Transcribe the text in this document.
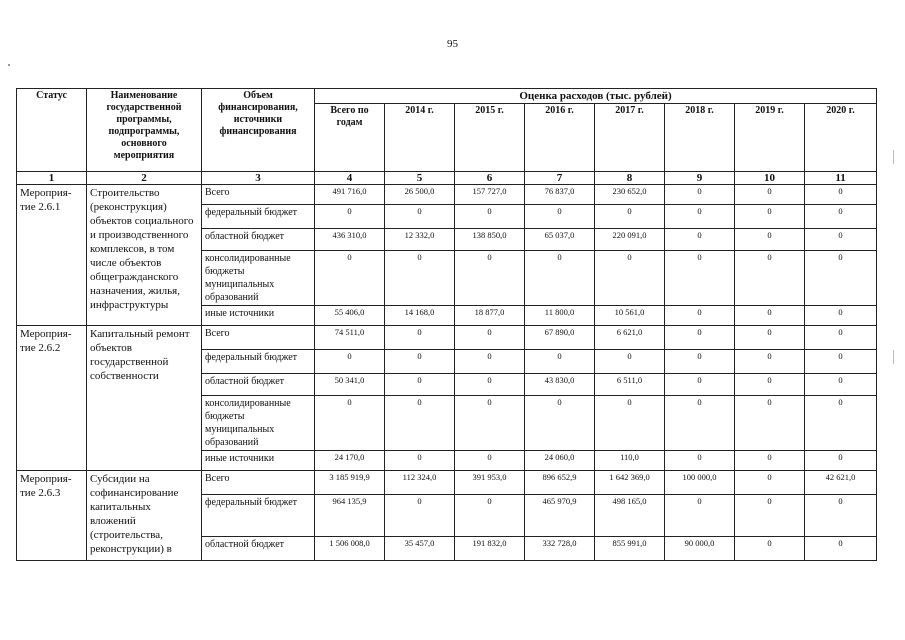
95
Статус	Наименование государственной программы, подпрограммы, основного мероприятия	Объем финансирования, источники финансирования	Оценка расходов (тыс. рублей)							
			Всего по годам	2014 г.	2015 г.	2016 г.	2017 г.	2018 г.	2019 г.	2020 г.
1	2	3	4	5	6	7	8	9	10	11
Мероприя-тие 2.6.1	Строительство (реконструкция) объектов социального и производственного комплексов, в том числе объектов общегражданского назначения, жилья, инфраструктуры	Всего	491 716,0	26 500,0	157 727,0	76 837,0	230 652,0	0	0	0
		федеральный бюджет	0	0	0	0	0	0	0	0
		областной бюджет	436 310,0	12 332,0	138 850,0	65 037,0	220 091,0	0	0	0
		консолидированные бюджеты муниципальных образований	0	0	0	0	0	0	0	0
		иные источники	55 406,0	14 168,0	18 877,0	11 800,0	10 561,0	0	0	0
Мероприя-тие 2.6.2	Капитальный ремонт объектов государственной собственности	Всего	74 511,0	0	0	67 890,0	6 621,0	0	0	0
		федеральный бюджет	0	0	0	0	0	0	0	0
		областной бюджет	50 341,0	0	0	43 830,0	6 511,0	0	0	0
		консолидированные бюджеты муниципальных образований	0	0	0	0	0	0	0	0
		иные источники	24 170,0	0	0	24 060,0	110,0	0	0	0
Мероприя-тие 2.6.3	Субсидии на софинансирование капитальных вложений (строительства, реконструкции) в	Всего	3 185 919,9	112 324,0	391 953,0	896 652,9	1 642 369,0	100 000,0	0	42 621,0
		федеральный бюджет	964 135,9	0	0	465 970,9	498 165,0	0	0	0
		областной бюджет	1 506 008,0	35 457,0	191 832,0	332 728,0	855 991,0	90 000,0	0	0
